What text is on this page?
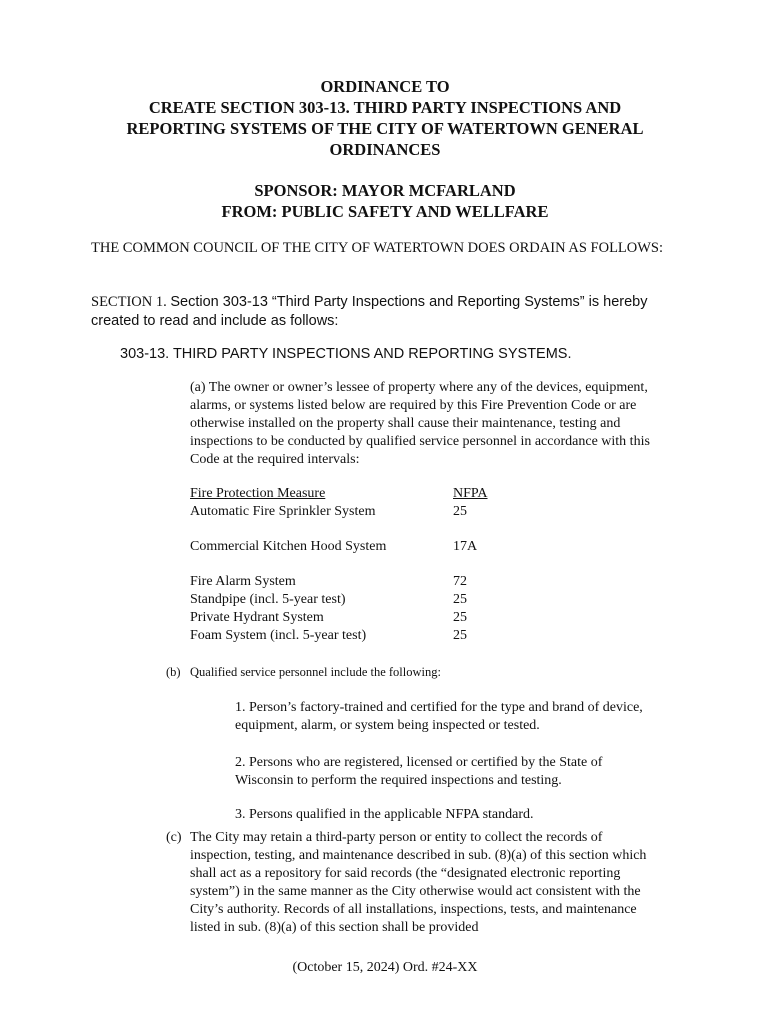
ORDINANCE TO
CREATE SECTION 303-13. THIRD PARTY INSPECTIONS AND
REPORTING SYSTEMS OF THE CITY OF WATERTOWN GENERAL
ORDINANCES
SPONSOR: MAYOR MCFARLAND
FROM: PUBLIC SAFETY AND WELLFARE
THE COMMON COUNCIL OF THE CITY OF WATERTOWN DOES ORDAIN AS FOLLOWS:
SECTION 1. Section 303-13 “Third Party Inspections and Reporting Systems” is hereby created to read and include as follows:
303-13. THIRD PARTY INSPECTIONS AND REPORTING SYSTEMS.
(a) The owner or owner’s lessee of property where any of the devices, equipment, alarms, or systems listed below are required by this Fire Prevention Code or are otherwise installed on the property shall cause their maintenance, testing and inspections to be conducted by qualified service personnel in accordance with this Code at the required intervals:
Fire Protection Measure	NFPA
Automatic Fire Sprinkler System	25
Commercial Kitchen Hood System	17A
Fire Alarm System	72
Standpipe (incl. 5-year test)	25
Private Hydrant System	25
Foam System (incl. 5-year test)	25
(b) Qualified service personnel include the following:
1. Person’s factory-trained and certified for the type and brand of device, equipment, alarm, or system being inspected or tested.
2. Persons who are registered, licensed or certified by the State of Wisconsin to perform the required inspections and testing.
3. Persons qualified in the applicable NFPA standard.
(c) The City may retain a third-party person or entity to collect the records of inspection, testing, and maintenance described in sub. (8)(a) of this section which shall act as a repository for said records (the “designated electronic reporting system”) in the same manner as the City otherwise would act consistent with the City’s authority. Records of all installations, inspections, tests, and maintenance listed in sub. (8)(a) of this section shall be provided
(October 15, 2024) Ord. #24-XX
